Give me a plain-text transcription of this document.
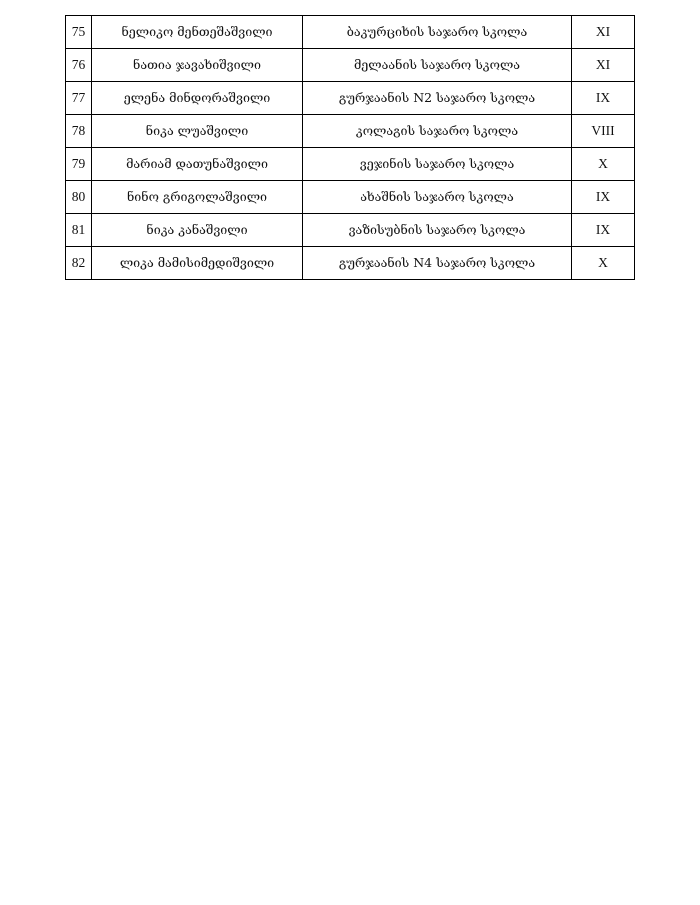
75	ნელიკო მენთეშაშვილი	ბაკურციხის საჯარო სკოლა	XI
76	ნათია ჯავახიშვილი	მელაანის საჯარო სკოლა	XI
77	ელენა მინდორაშვილი	გურჯაანის N2 საჯარო სკოლა	IX
78	ნიკა ლუაშვილი	კოლაგის საჯარო სკოლა	VIII
79	მარიამ დათუნაშვილი	ვეჯინის საჯარო სკოლა	X
80	ნინო გრიგოლაშვილი	ახაშნის საჯარო სკოლა	IX
81	ნიკა კანაშვილი	ვაზისუბნის საჯარო სკოლა	IX
82	ლიკა მამისიმედიშვილი	გურჯაანის N4 საჯარო სკოლა	X
